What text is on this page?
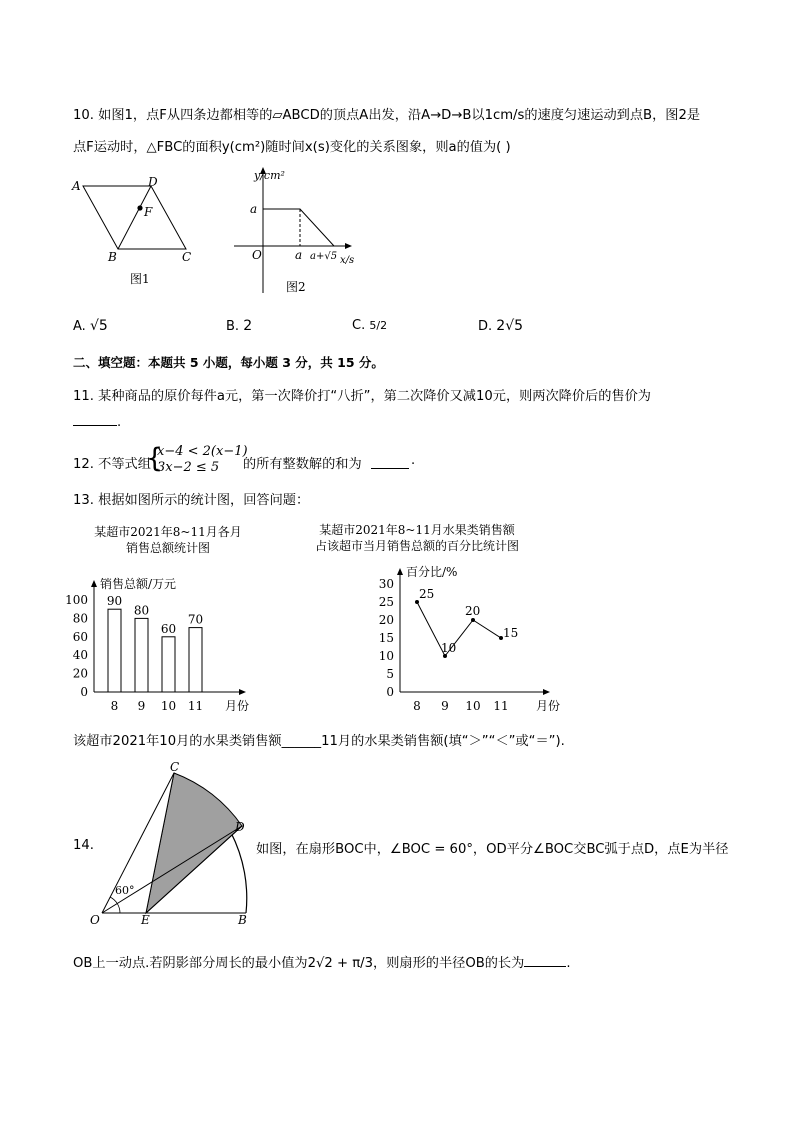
10. 如图1，点F从四条边都相等的▱ABCD的顶点A出发，沿A→D→B以1cm/s的速度匀速运动到点B，图2是
点F运动时，△FBC的面积y(cm²)随时间x(s)变化的关系图象，则a的值为( )
A	D
F
B	C
图1
y/cm²
a
O	a a+√5 x/s
图2
A. √5	B. 2	C. 5/2	D. 2√5
二、填空题：本题共 5 小题，每小题 3 分，共 15 分。
11. 某种商品的原价每件a元，第一次降价打“八折”，第二次降价又减10元，则两次降价后的售价为
.
12. 不等式组
{
x−4 < 2(x−1)
3x−2 ≤ 5 的所有整数解的和为	.
13. 根据如图所示的统计图，回答问题：
某超市2021年8~11月各月
销售总额统计图
销售总额/万元
月份
0
20
40
60
80
100 90
8
80
9
60
10
70
11
某超市2021年8~11月水果类销售额
占该超市当月销售总额的百分比统计图
百分比/%
月份
0
5
10
15
20
25
30
25
8
10
9
20
10
15
11
该超市2021年10月的水果类销售额______11月的水果类销售额(填“＞”“＜”或“＝”).
60°
O	E	B
C
D
14.	如图，在扇形BOC中，∠BOC = 60°，OD平分∠BOC交BC弧于点D，点E为半径
OB上一动点.若阴影部分周长的最小值为2√2 + π/3，则扇形的半径OB的长为	.
